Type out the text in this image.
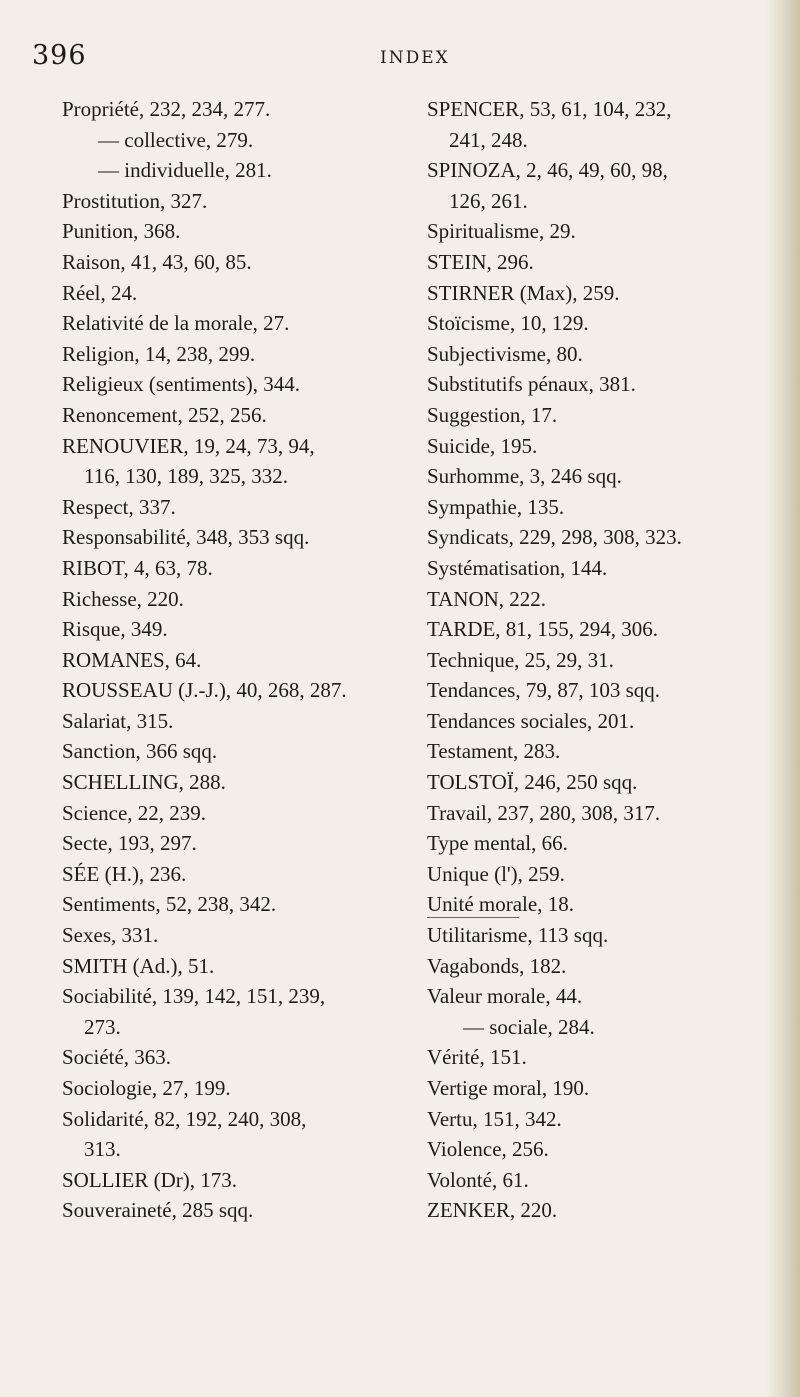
396	INDEX
Propriété, 232, 234, 277.
— collective, 279.
— individuelle, 281.
Prostitution, 327.
Punition, 368.
Raison, 41, 43, 60, 85.
Réel, 24.
Relativité de la morale, 27.
Religion, 14, 238, 299.
Religieux (sentiments), 344.
Renoncement, 252, 256.
RENOUVIER, 19, 24, 73, 94,
116, 130, 189, 325, 332.
Respect, 337.
Responsabilité, 348, 353 sqq.
RIBOT, 4, 63, 78.
Richesse, 220.
Risque, 349.
ROMANES, 64.
ROUSSEAU (J.-J.), 40, 268, 287.
Salariat, 315.
Sanction, 366 sqq.
SCHELLING, 288.
Science, 22, 239.
Secte, 193, 297.
SÉE (H.), 236.
Sentiments, 52, 238, 342.
Sexes, 331.
SMITH (Ad.), 51.
Sociabilité, 139, 142, 151, 239,
273.
Société, 363.
Sociologie, 27, 199.
Solidarité, 82, 192, 240, 308,
313.
SOLLIER (Dr), 173.
Souveraineté, 285 sqq.
SPENCER, 53, 61, 104, 232,
241, 248.
SPINOZA, 2, 46, 49, 60, 98,
126, 261.
Spiritualisme, 29.
STEIN, 296.
STIRNER (Max), 259.
Stoïcisme, 10, 129.
Subjectivisme, 80.
Substitutifs pénaux, 381.
Suggestion, 17.
Suicide, 195.
Surhomme, 3, 246 sqq.
Sympathie, 135.
Syndicats, 229, 298, 308, 323.
Systématisation, 144.
TANON, 222.
TARDE, 81, 155, 294, 306.
Technique, 25, 29, 31.
Tendances, 79, 87, 103 sqq.
Tendances sociales, 201.
Testament, 283.
TOLSTOÏ, 246, 250 sqq.
Travail, 237, 280, 308, 317.
Type mental, 66.
Unique (l'), 259.
Unité morale, 18.
Utilitarisme, 113 sqq.
Vagabonds, 182.
Valeur morale, 44.
— sociale, 284.
Vérité, 151.
Vertige moral, 190.
Vertu, 151, 342.
Violence, 256.
Volonté, 61.
ZENKER, 220.
